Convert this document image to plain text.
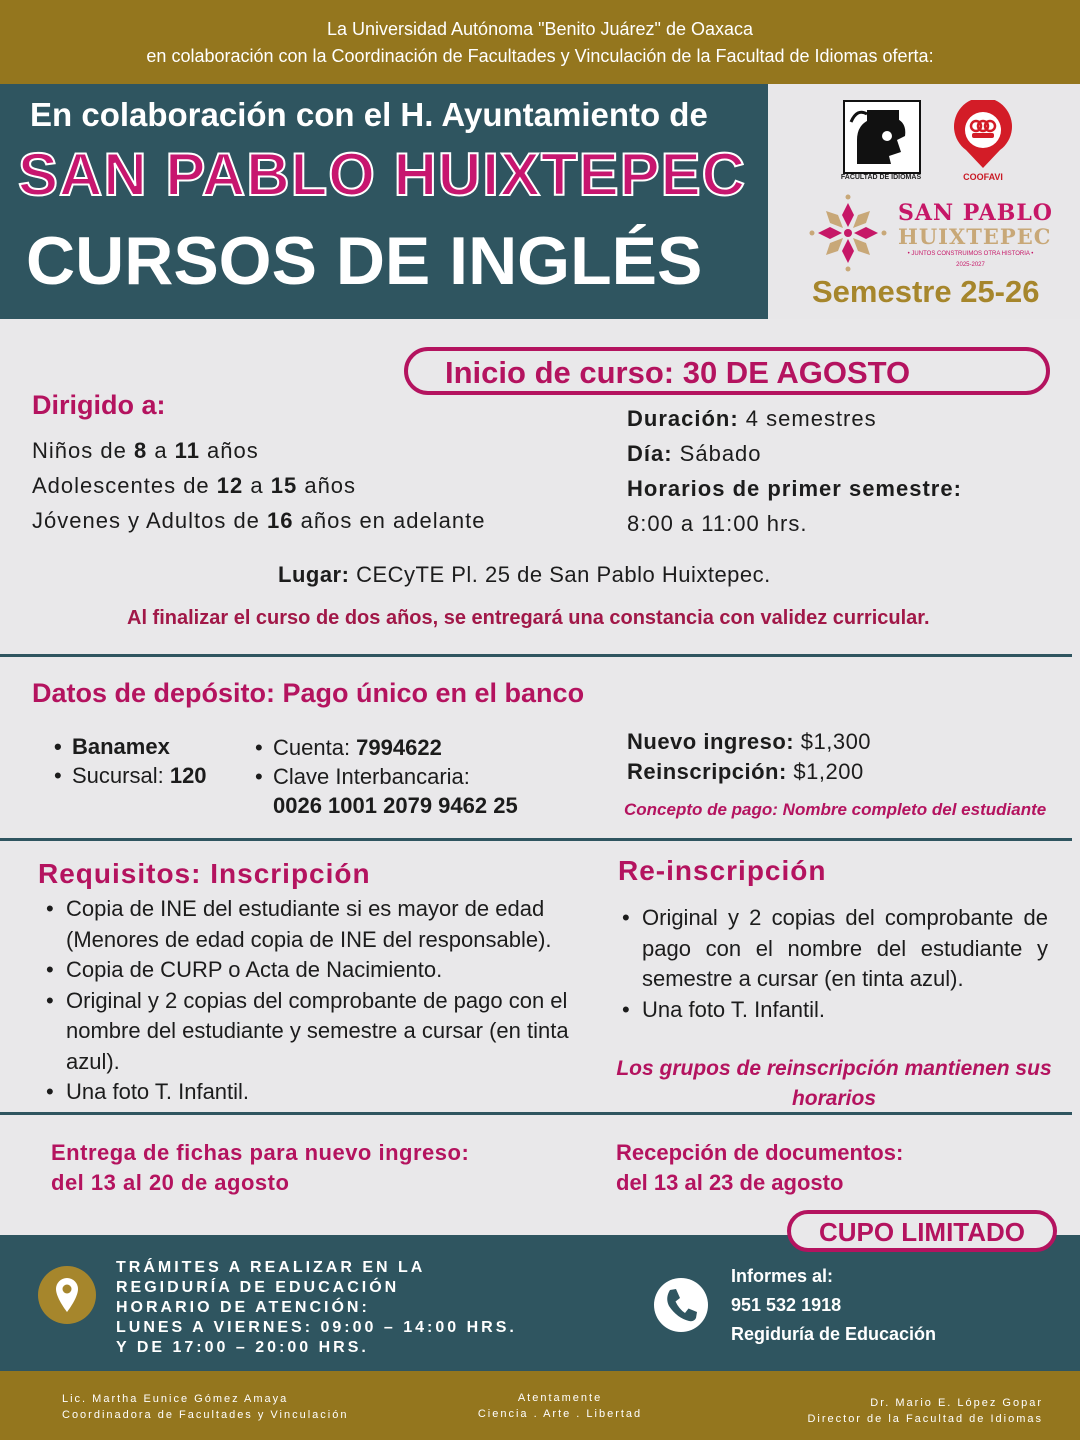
La Universidad Autónoma "Benito Juárez" de Oaxaca
en colaboración con la Coordinación de Facultades y Vinculación de la Facultad de Idiomas oferta:
En colaboración con el H. Ayuntamiento de
SAN PABLO HUIXTEPEC
CURSOS DE INGLÉS
FACULTAD DE IDIOMAS	COOFAVI
SAN PABLO
HUIXTEPEC
• JUNTOS CONSTRUIMOS OTRA HISTORIA •
2025-2027
Semestre 25-26
Inicio de curso: 30 DE AGOSTO
Dirigido a:
Niños de 8 a 11 años
Adolescentes de 12 a 15 años
Jóvenes y Adultos de 16 años en adelante
Duración: 4 semestres
Día: Sábado
Horarios de primer semestre:
8:00 a 11:00 hrs.
Lugar: CECyTE Pl. 25 de San Pablo Huixtepec.
Al finalizar el curso de dos años, se entregará una constancia con validez curricular.
Datos de depósito: Pago único en el banco
• Banamex
• Sucursal: 120
• Cuenta: 7994622
• Clave Interbancaria:
0026 1001 2079 9462 25
Nuevo ingreso: $1,300
Reinscripción: $1,200
Concepto de pago: Nombre completo del estudiante
Requisitos: Inscripción
• Copia de INE del estudiante si es mayor de edad (Menores de edad copia de INE del responsable).
• Copia de CURP o Acta de Nacimiento.
• Original y 2 copias del comprobante de pago con el nombre del estudiante y semestre a cursar (en tinta azul).
• Una foto T. Infantil.
Re-inscripción
• Original y 2 copias del comprobante de pago con el nombre del estudiante y semestre a cursar (en tinta azul).
• Una foto T. Infantil.
Los grupos de reinscripción mantienen sus horarios
Entrega de fichas para nuevo ingreso:
del 13 al 20 de agosto
Recepción de documentos:
del 13 al 23 de agosto
CUPO LIMITADO
TRÁMITES A REALIZAR EN LA
REGIDURÍA DE EDUCACIÓN
HORARIO DE ATENCIÓN:
LUNES A VIERNES: 09:00 – 14:00 HRS.
Y DE 17:00 – 20:00 HRS.
Informes al:
951 532 1918
Regiduría de Educación
Lic. Martha Eunice Gómez Amaya
Coordinadora de Facultades y Vinculación
Atentamente
Ciencia . Arte . Libertad
Dr. Mario E. López Gopar
Director de la Facultad de Idiomas
